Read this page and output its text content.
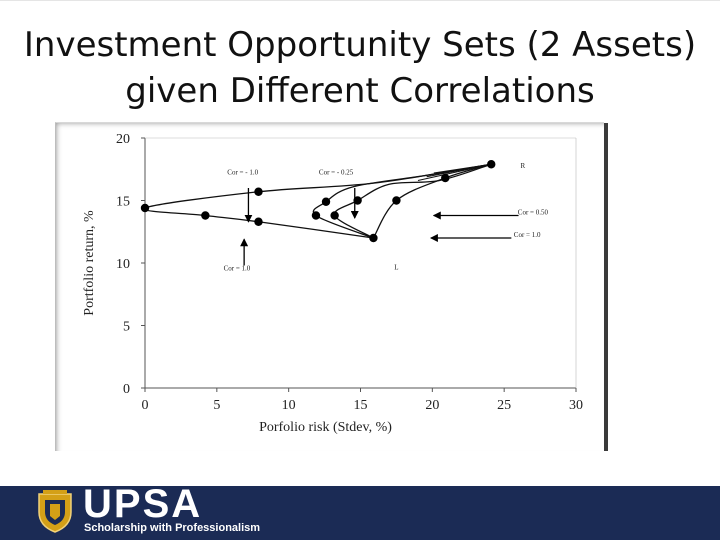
Investment Opportunity Sets (2 Assets)
given Different Correlations
0	5	10	15	20	25	30
0
5
10
15
20
Porfolio risk (Stdev, %)
Portfolio return, %
R
L
Cor = - 1.0	Cor = - 0.25
Cor = 0.50
Cor = 1.0
Cor = 1.0
UPSA
Scholarship with Professionalism
